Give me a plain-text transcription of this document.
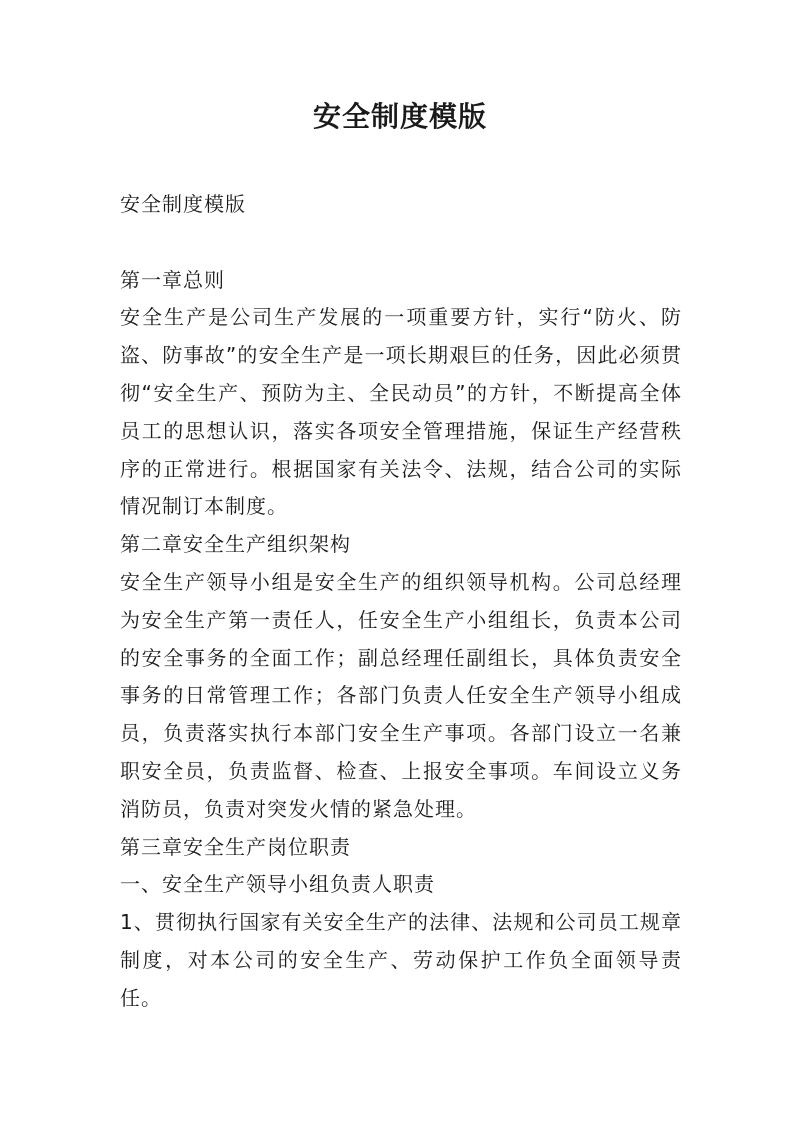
安全制度模版

安全制度模版

第一章总则

安全生产是公司生产发展的一项重要方针，实行“防火、防盗、防事故”的安全生产是一项长期艰巨的任务，因此必须贯彻“安全生产、预防为主、全民动员”的方针，不断提高全体员工的思想认识，落实各项安全管理措施，保证生产经营秩序的正常进行。根据国家有关法令、法规，结合公司的实际情况制订本制度。

第二章安全生产组织架构

安全生产领导小组是安全生产的组织领导机构。公司总经理为安全生产第一责任人，任安全生产小组组长，负责本公司的安全事务的全面工作；副总经理任副组长，具体负责安全事务的日常管理工作；各部门负责人任安全生产领导小组成员，负责落实执行本部门安全生产事项。各部门设立一名兼职安全员，负责监督、检查、上报安全事项。车间设立义务消防员，负责对突发火情的紧急处理。

第三章安全生产岗位职责

一、安全生产领导小组负责人职责

1、贯彻执行国家有关安全生产的法律、法规和公司员工规章制度，对本公司的安全生产、劳动保护工作负全面领导责任。
